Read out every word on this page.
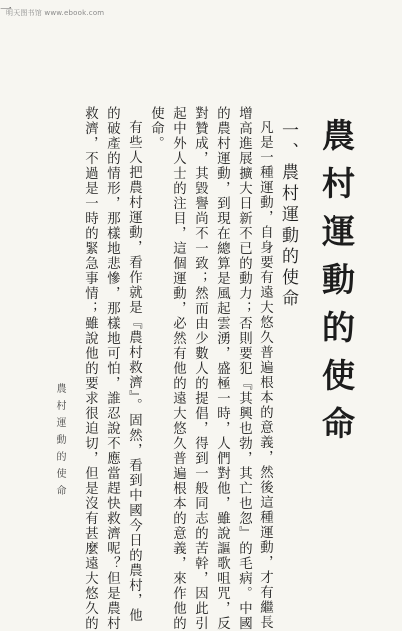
明天图书馆 www.ebook.com
農村運動的使命
一、農村運動的使命
凡是一種運動，自身要有遠大悠久普遍根本的意義，然後這種運動，才有繼長
增高進展擴大日新不已的動力；否則要犯『其興也勃，其亡也忽』的毛病。中國
的農村運動，到現在總算是風起雲湧，盛極一時，人們對他，雖說謳歌咀咒，反
對贊成，其毀譽尚不一致；然而由少數人的提倡，得到一般同志的苦幹，因此引
起中外人士的注目，這個運動，必然有他的遠大悠久普遍根本的意義，來作他的
使命。
有些人把農村運動，看作就是『農村救濟』。固然，看到中國今日的農村，他
的破產的情形，那樣地悲慘，那樣地可怕，誰忍說不應當趕快救濟呢？但是農村
救濟，不過是一時的緊急事情；雖說他的要求很迫切，但是沒有甚麼遠大悠久的
農村運動的使命
一
